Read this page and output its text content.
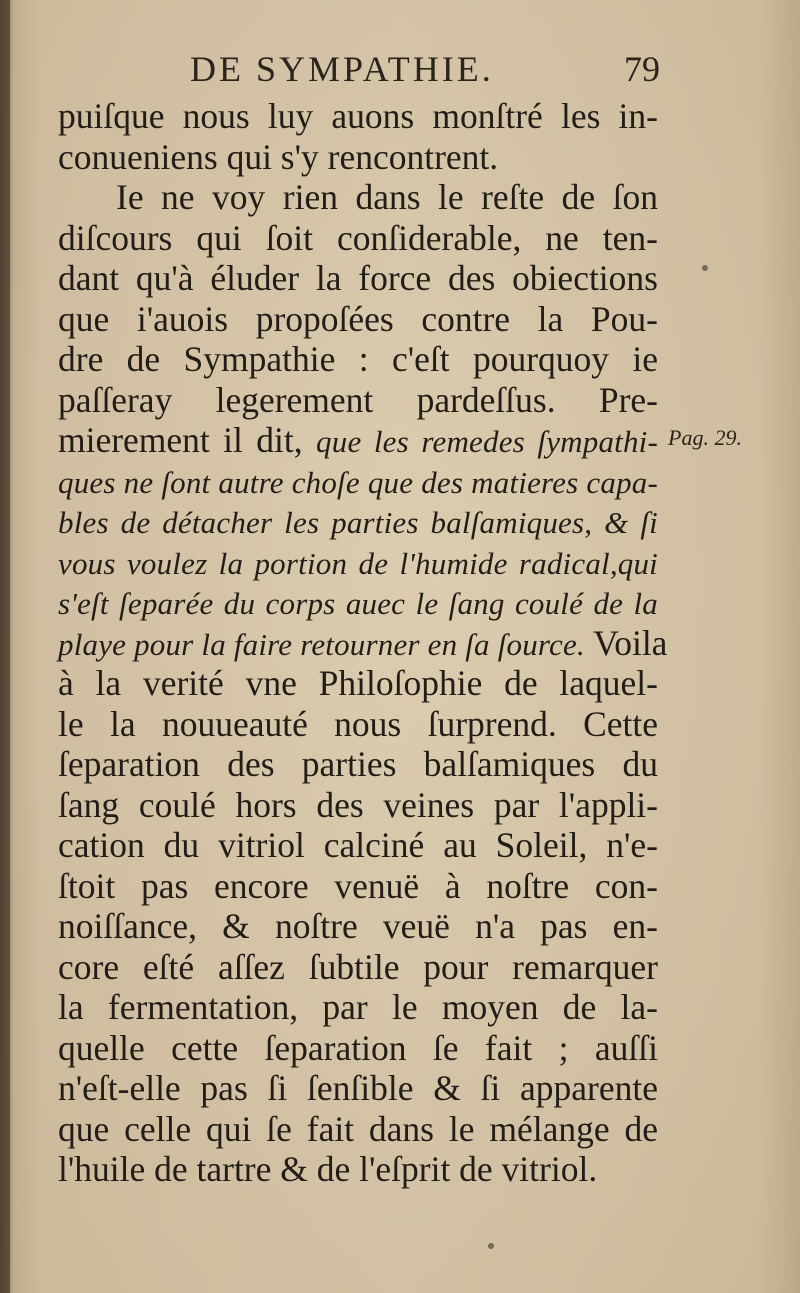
DE SYMPATHIE.	79
puiſque nous luy auons monſtré les in-
conueniens qui s'y rencontrent.
Ie ne voy rien dans le reſte de ſon
diſcours qui ſoit conſiderable, ne ten-
dant qu'à éluder la force des obiections
que i'auois propoſées contre la Pou-
dre de Sympathie : c'eſt pourquoy ie
paſſeray legerement pardeſſus. Pre-
mierement il dit, que les remedes ſympathi-
ques ne ſont autre choſe que des matieres capa-
bles de détacher les parties balſamiques, & ſi
vous voulez la portion de l'humide radical,qui
s'eſt ſeparée du corps auec le ſang coulé de la
playe pour la faire retourner en ſa ſource. Voila
à la verité vne Philoſophie de laquel-
le la nouueauté nous ſurprend. Cette
ſeparation des parties balſamiques du
ſang coulé hors des veines par l'appli-
cation du vitriol calciné au Soleil, n'e-
ſtoit pas encore venuë à noſtre con-
noiſſance, & noſtre veuë n'a pas en-
core eſté aſſez ſubtile pour remarquer
la fermentation, par le moyen de la-
quelle cette ſeparation ſe fait ; auſſi
n'eſt-elle pas ſi ſenſible & ſi apparente
que celle qui ſe fait dans le mélange de
l'huile de tartre & de l'eſprit de vitriol.
Pag. 29.
